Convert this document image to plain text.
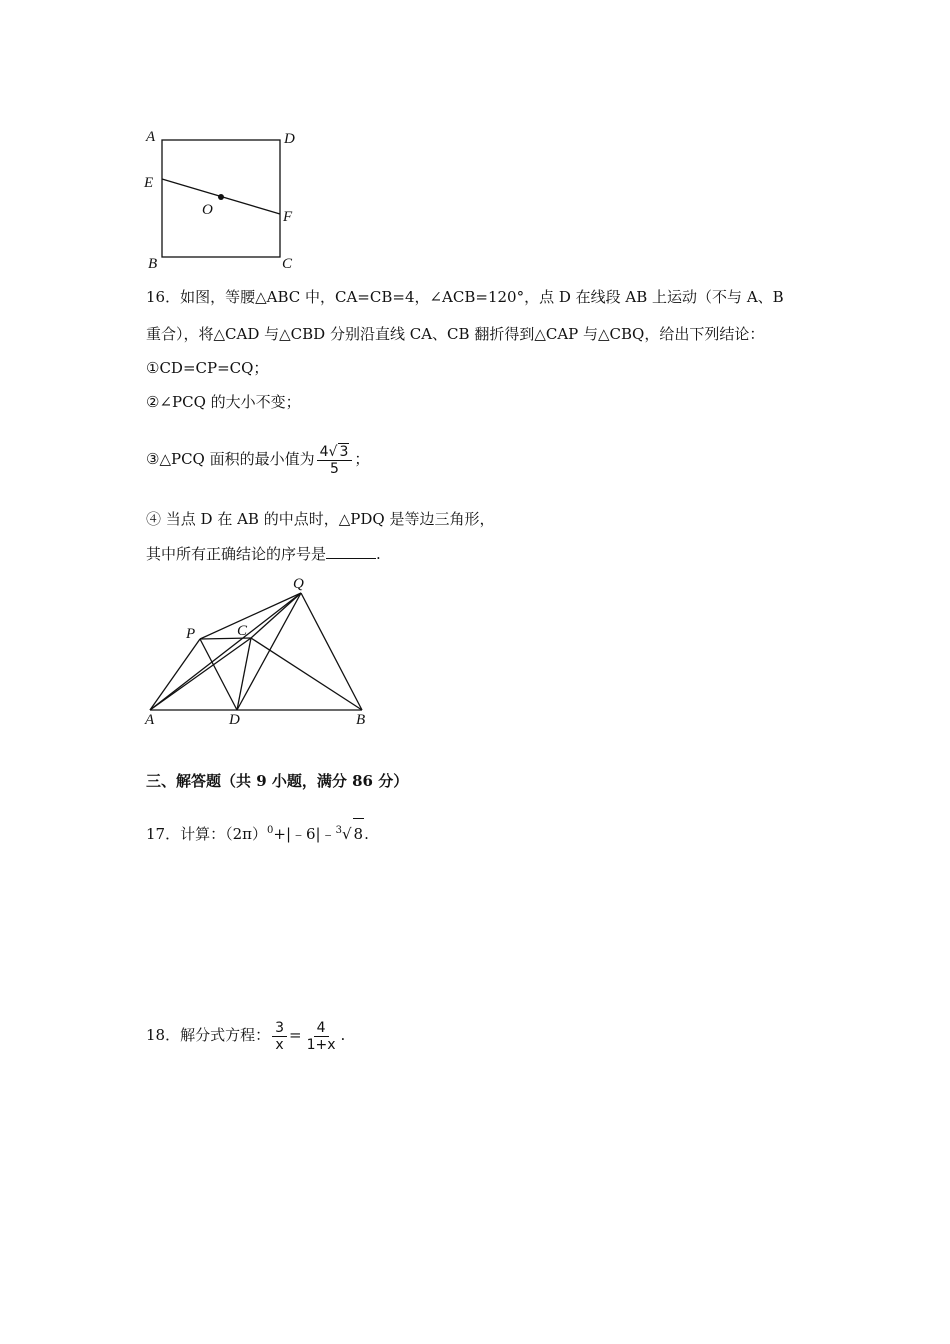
A	D
E
O	F
B	C
16．如图，等腰△ABC 中，CA=CB=4，∠ACB=120°，点 D 在线段 AB 上运动（不与 A、B
重合），将△CAD 与△CBD 分别沿直线 CA、CB 翻折得到△CAP 与△CBQ，给出下列结论：
①CD=CP=CQ；
②∠PCQ 的大小不变；
③△PCQ 面积的最小值为 $\frac{4√ 3}{5}$ ；
④ 当点 D 在 AB 的中点时，△PDQ 是等边三角形，
其中所有正确结论的序号是	.
Q
P	C
A	D	B
三、解答题（共 9 小题，满分 86 分）
17．计算：$(2\pi)^0+|﹣6|﹣^3√$ 8.
18．解分式方程： $\frac{3}{x} = \frac{4}{1+x}$ .
